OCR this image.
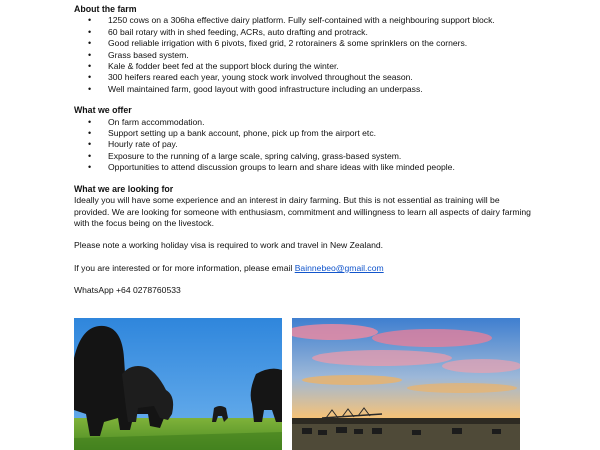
About the farm
• 1250 cows on a 306ha effective dairy platform. Fully self-contained with a neighbouring support block.
• 60 bail rotary with in shed feeding, ACRs, auto drafting and protrack.
• Good reliable irrigation with 6 pivots, fixed grid, 2 rotorainers & some sprinklers on the corners.
• Grass based system.
• Kale & fodder beet fed at the support block during the winter.
• 300 heifers reared each year, young stock work involved throughout the season.
• Well maintained farm, good layout with good infrastructure including an underpass.
What we offer
• On farm accommodation.
• Support setting up a bank account, phone, pick up from the airport etc.
• Hourly rate of pay.
• Exposure to the running of a large scale, spring calving, grass-based system.
• Opportunities to attend discussion groups to learn and share ideas with like minded people.
What we are looking for

Ideally you will have some experience and an interest in dairy farming. But this is not essential as training will be provided. We are looking for someone with enthusiasm, commitment and willingness to learn all aspects of dairy farming with the focus being on the livestock.

Please note a working holiday visa is required to work and travel in New Zealand.

If you are interested or for more information, please email Bainnebeo@gmail.com

WhatsApp +64 0278760533
